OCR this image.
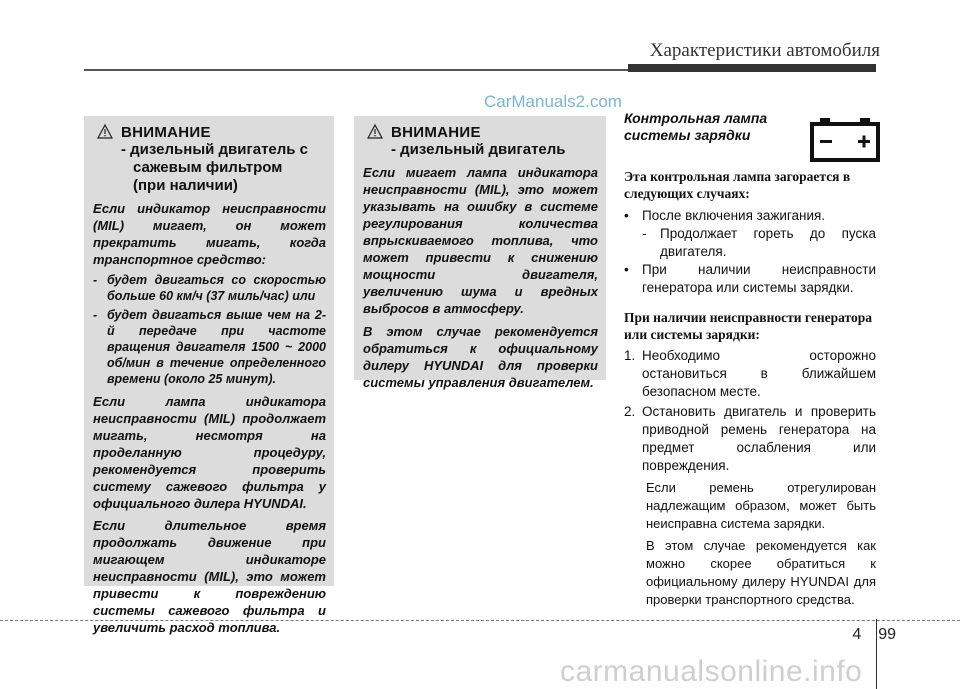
Характеристики автомобиля
CarManuals2.com
ВНИМАНИЕ
- дизельный двигатель с
сажевым фильтром
(при наличии)

Если индикатор неисправности (MIL) мигает, он может прекратить мигать, когда транспортное средство:

- будет двигаться со скоростью больше 60 км/ч (37 миль/час) или
- будет двигаться выше чем на 2-й передаче при частоте вращения двигателя 1500 ~ 2000 об/мин в течение определенного времени (около 25 минут).

Если лампа индикатора неисправности (MIL) продолжает мигать, несмотря на проделанную процедуру, рекомендуется проверить систему сажевого фильтра у официального дилера HYUNDAI.

Если длительное время продолжать движение при мигающем индикаторе неисправности (MIL), это может привести к повреждению системы сажевого фильтра и увеличить расход топлива.

ВНИМАНИЕ
- дизельный двигатель

Если мигает лампа индикатора неисправности (MIL), это может указывать на ошибку в системе регулирования количества впрыскиваемого топлива, что может привести к снижению мощности двигателя, увеличению шума и вредных выбросов в атмосферу.

В этом случае рекомендуется обратиться к официальному дилеру HYUNDAI для проверки системы управления двигателем.

Контрольная лампа системы зарядки
Эта контрольная лампа загорается в следующих случаях:
• После включения зажигания.
-	Продолжает гореть до пуска двигателя.
• При наличии неисправности генератора или системы зарядки.
При наличии неисправности генератора или системы зарядки:
1. Необходимо осторожно остановиться в ближайшем безопасном месте.
2. Остановить двигатель и проверить приводной ремень генератора на предмет ослабления или повреждения.
Если ремень отрегулирован надлежащим образом, может быть неисправна система зарядки.
В этом случае рекомендуется как можно скорее обратиться к официальному дилеру HYUNDAI для проверки транспортного средства.
4 99
carmanualsonline.info
